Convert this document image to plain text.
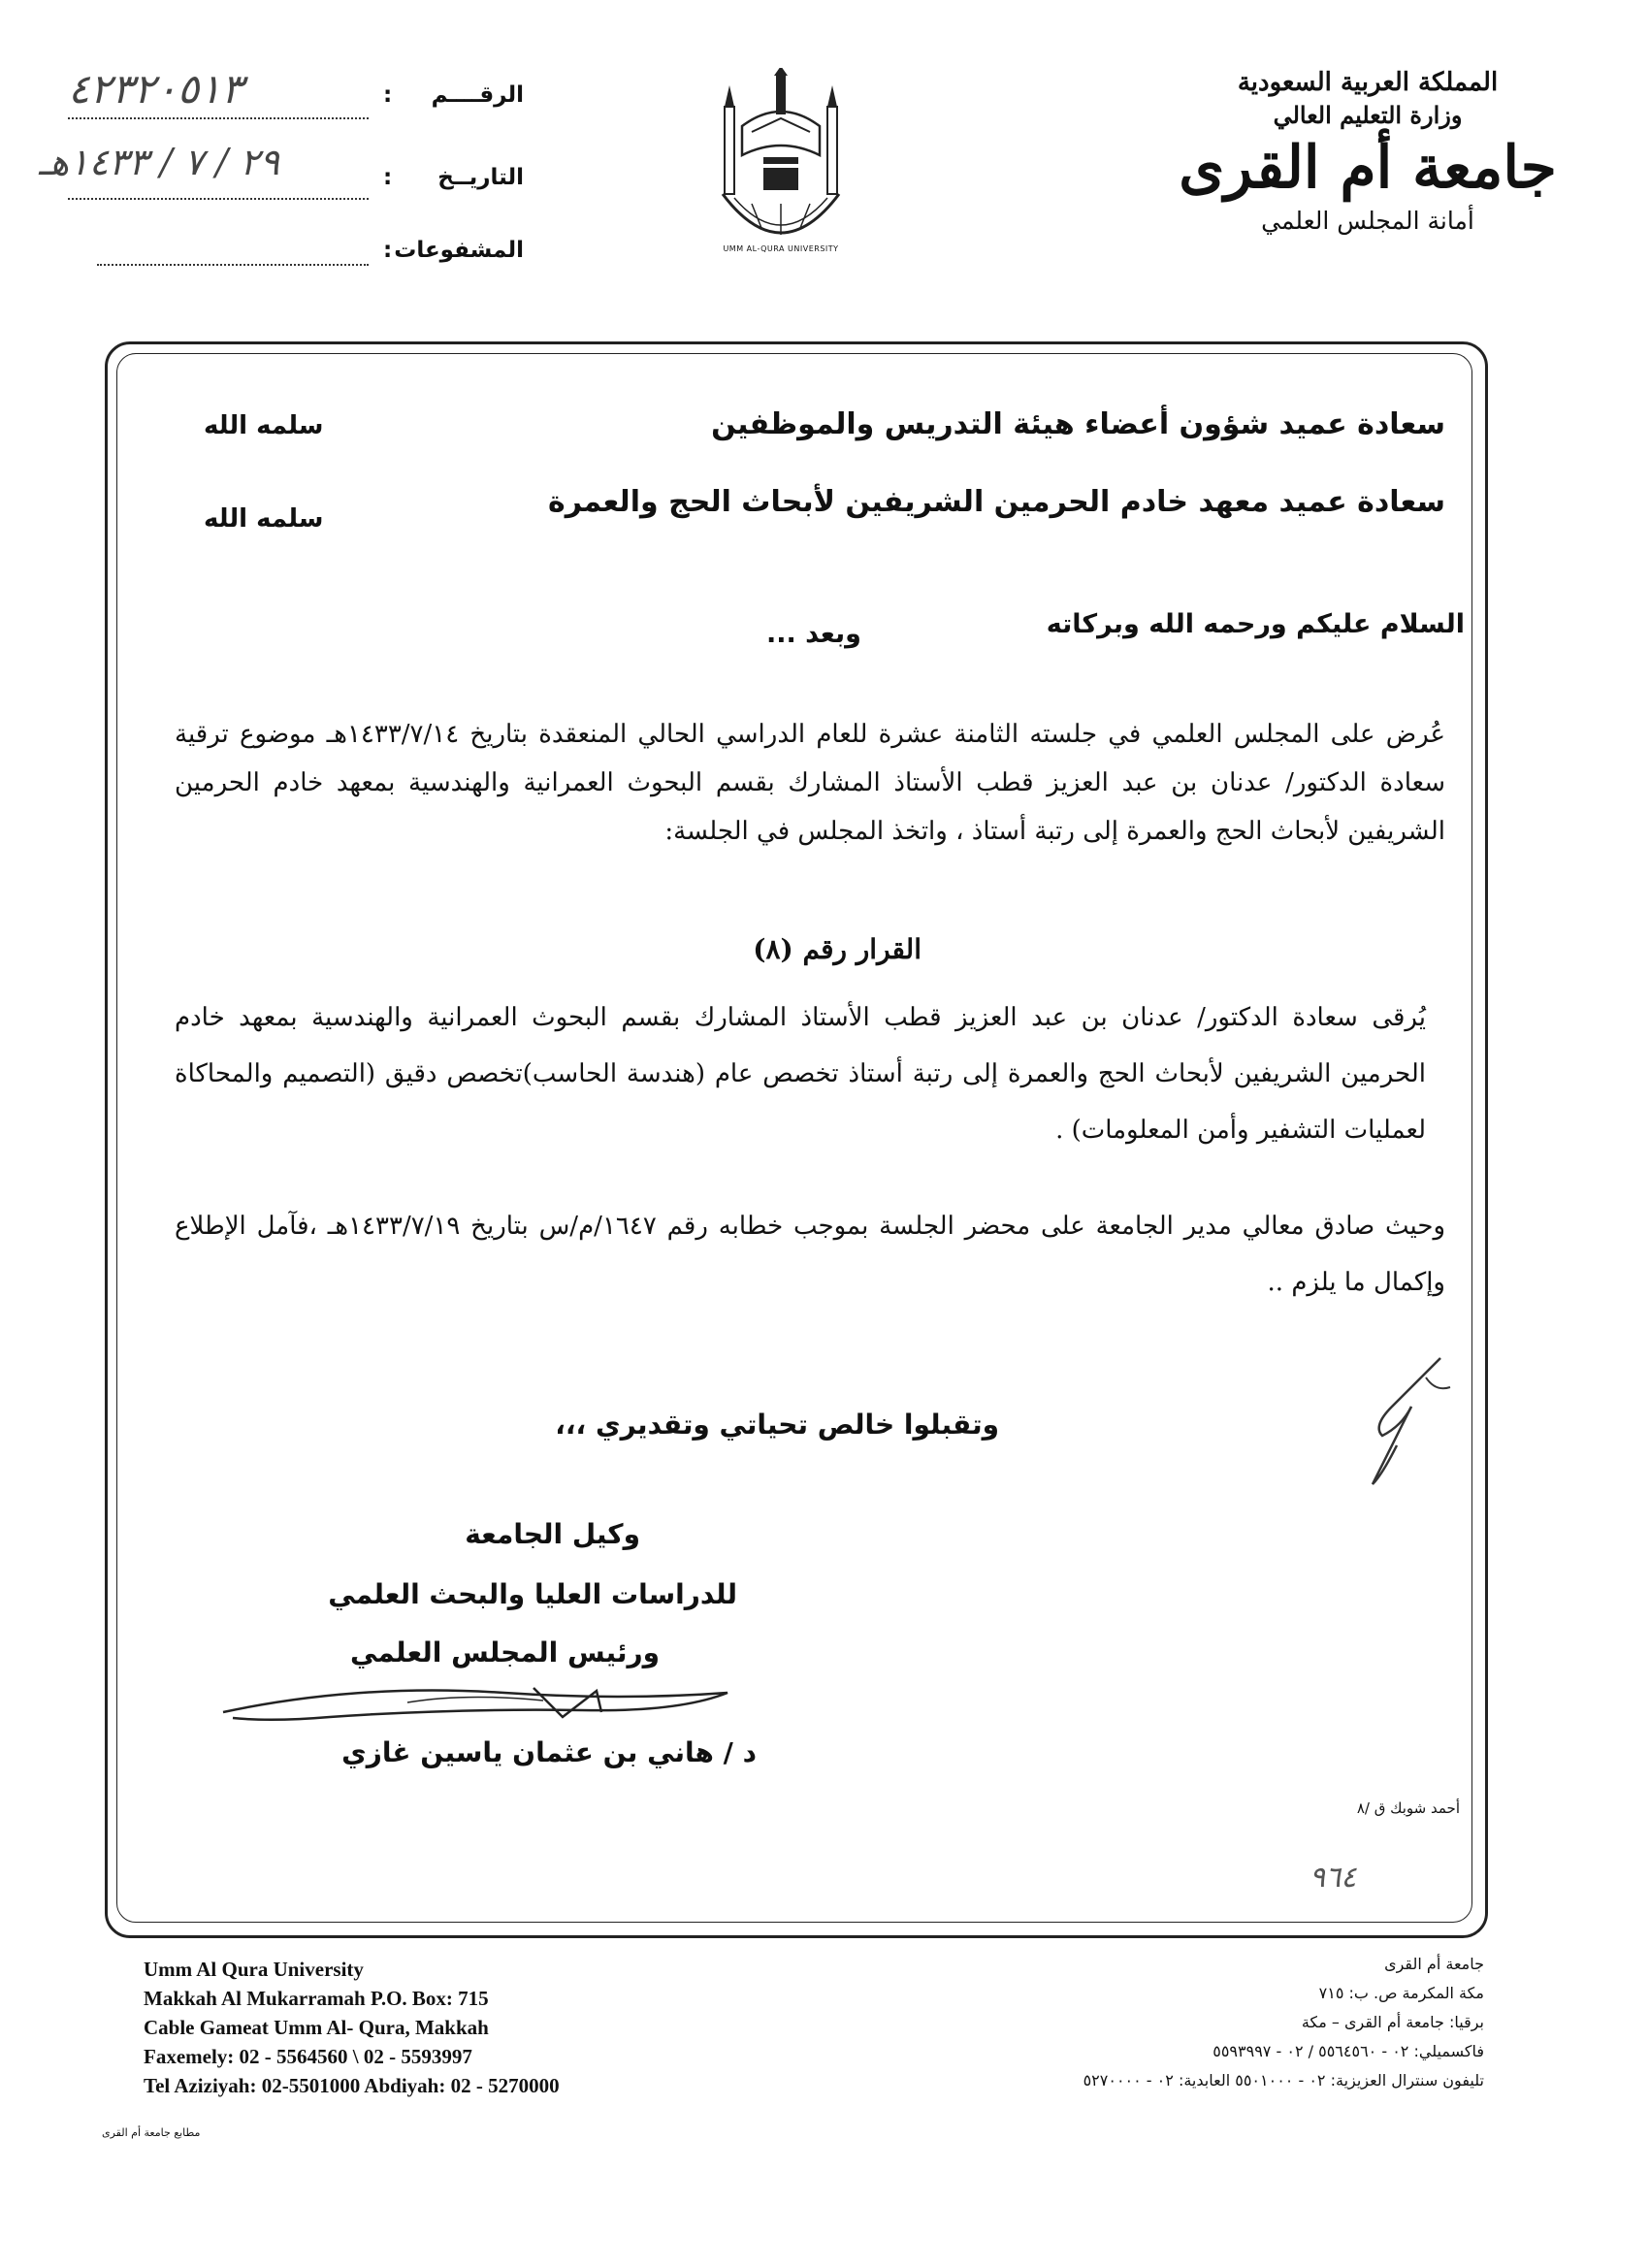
المملكة العربية السعودية
وزارة التعليم العالي
جامعة أم القرى
أمانة المجلس العلمي
UMM AL-QURA UNIVERSITY
الرقــــم
:
٤٢٣٢٠٥١٣
التاريــخ
:
٢٩ / ٧ / ١٤٣٣هـ
المشفوعات
:
سعادة عميد شؤون أعضاء هيئة التدريس والموظفين
سلمه الله
سعادة عميد معهد خادم الحرمين الشريفين لأبحاث الحج والعمرة
سلمه الله
السلام عليكم ورحمه الله وبركاته
وبعد ...
عُرض على المجلس العلمي في جلسته الثامنة عشرة للعام الدراسي الحالي المنعقدة بتاريخ ١٤٣٣/٧/١٤هـ موضوع ترقية سعادة الدكتور/ عدنان بن عبد العزيز قطب الأستاذ المشارك بقسم البحوث العمرانية والهندسية بمعهد خادم الحرمين الشريفين لأبحاث الحج والعمرة إلى رتبة أستاذ ، واتخذ المجلس في الجلسة:
القرار رقم (٨)
يُرقى سعادة الدكتور/ عدنان بن عبد العزيز قطب الأستاذ المشارك بقسم البحوث العمرانية والهندسية بمعهد خادم الحرمين الشريفين لأبحاث الحج والعمرة إلى رتبة أستاذ تخصص عام (هندسة الحاسب)تخصص دقيق (التصميم والمحاكاة لعمليات التشفير وأمن المعلومات) .
وحيث صادق معالي مدير الجامعة على محضر الجلسة بموجب خطابه رقم ١٦٤٧/م/س بتاريخ ١٤٣٣/٧/١٩هـ ،فآمل الإطلاع وإكمال ما يلزم ..
وتقبلوا خالص تحياتي وتقديري ،،،
وكيل الجامعة
للدراسات العليا والبحث العلمي
ورئيس المجلس العلمي
د / هاني بن عثمان ياسين غازي
أحمد شوبك ق /٨
٩٦٤
Umm Al Qura University
Makkah Al Mukarramah P.O. Box: 715
Cable Gameat Umm Al- Qura, Makkah
Faxemely: 02 - 5564560 \ 02 - 5593997
Tel Aziziyah: 02-5501000 Abdiyah: 02 - 5270000
جامعة أم القرى
مكة المكرمة ص. ب: ٧١٥
برقيا: جامعة أم القرى – مكة
فاكسميلي: ٠٢ - ٥٥٦٤٥٦٠ / ٠٢ - ٥٥٩٣٩٩٧
تليفون سنترال العزيزية: ٠٢ - ٥٥٠١٠٠٠ العابدية: ٠٢ - ٥٢٧٠٠٠٠
مطابع جامعة أم القرى
